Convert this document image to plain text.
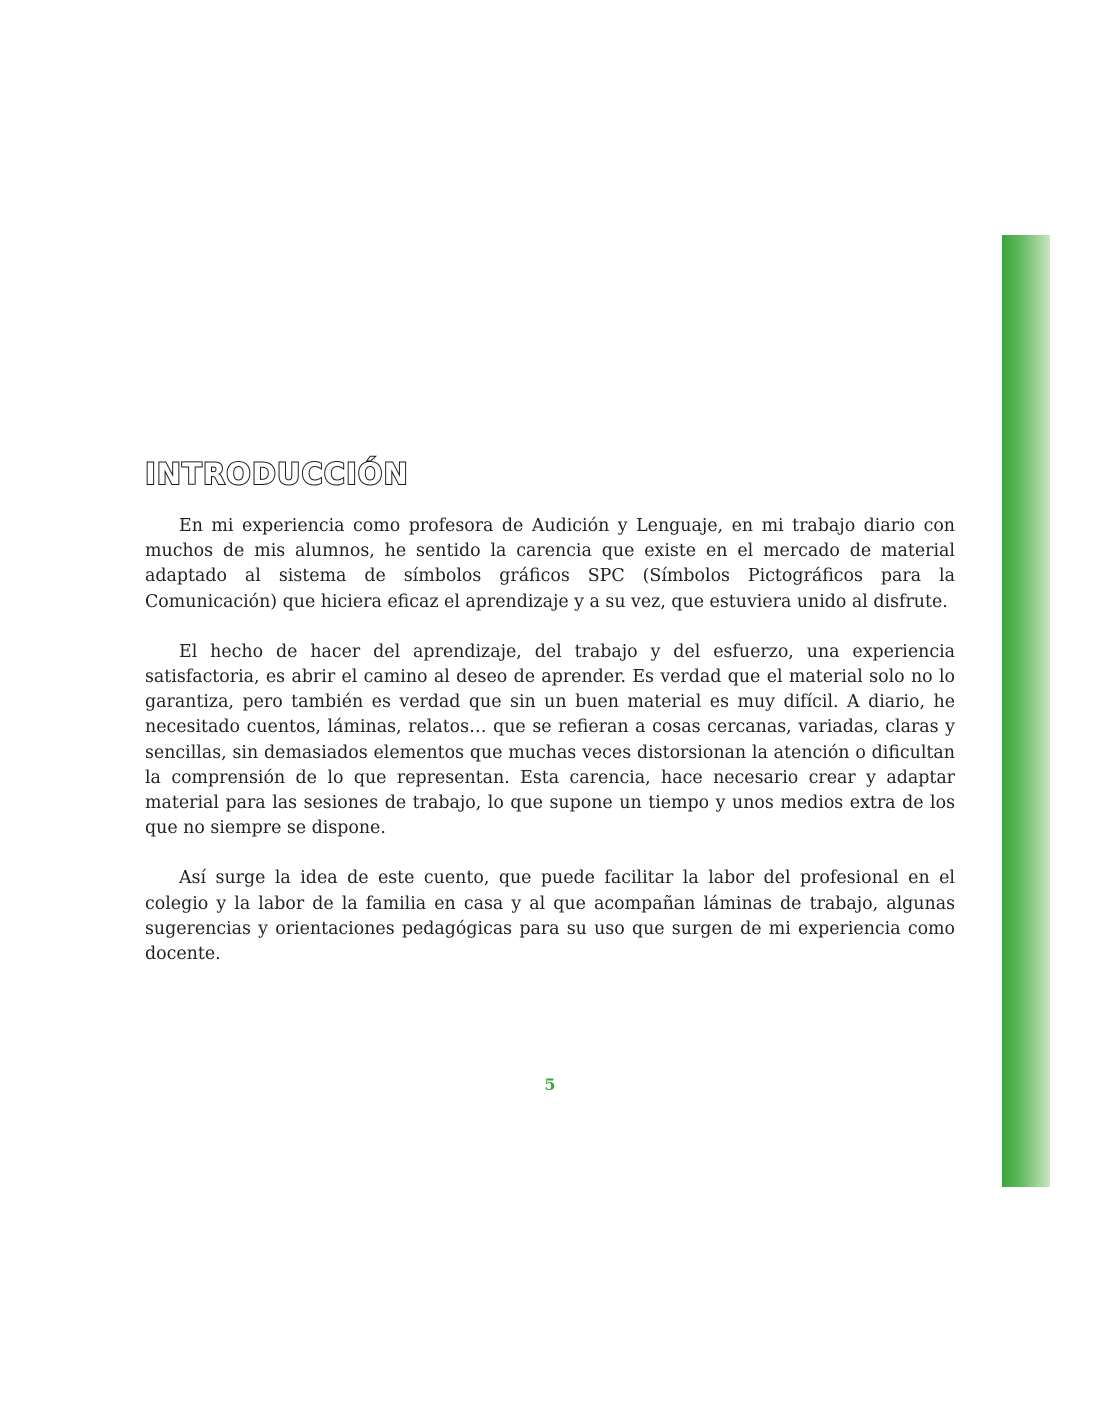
INTRODUCCIÓN

En mi experiencia como profesora de Audición y Lenguaje, en mi trabajo diario con muchos de mis alumnos, he sentido la carencia que existe en el mercado de material adaptado al sistema de símbolos gráficos SPC (Símbolos Pictográficos para la Comunicación) que hiciera eficaz el aprendizaje y a su vez, que estuviera unido al disfrute.

El hecho de hacer del aprendizaje, del trabajo y del esfuerzo, una experiencia satisfactoria, es abrir el camino al deseo de aprender. Es verdad que el material solo no lo garantiza, pero también es verdad que sin un buen material es muy difícil. A diario, he necesitado cuentos, láminas, relatos… que se refieran a cosas cercanas, variadas, claras y sencillas, sin demasiados elementos que muchas veces distorsionan la atención o dificultan la comprensión de lo que representan. Esta carencia, hace necesario crear y adaptar material para las sesiones de trabajo, lo que supone un tiempo y unos medios extra de los que no siempre se dispone.

Así surge la idea de este cuento, que puede facilitar la labor del profesional en el colegio y la labor de la familia en casa y al que acompañan láminas de trabajo, algunas sugerencias y orientaciones pedagógicas para su uso que surgen de mi experiencia como docente.

5
